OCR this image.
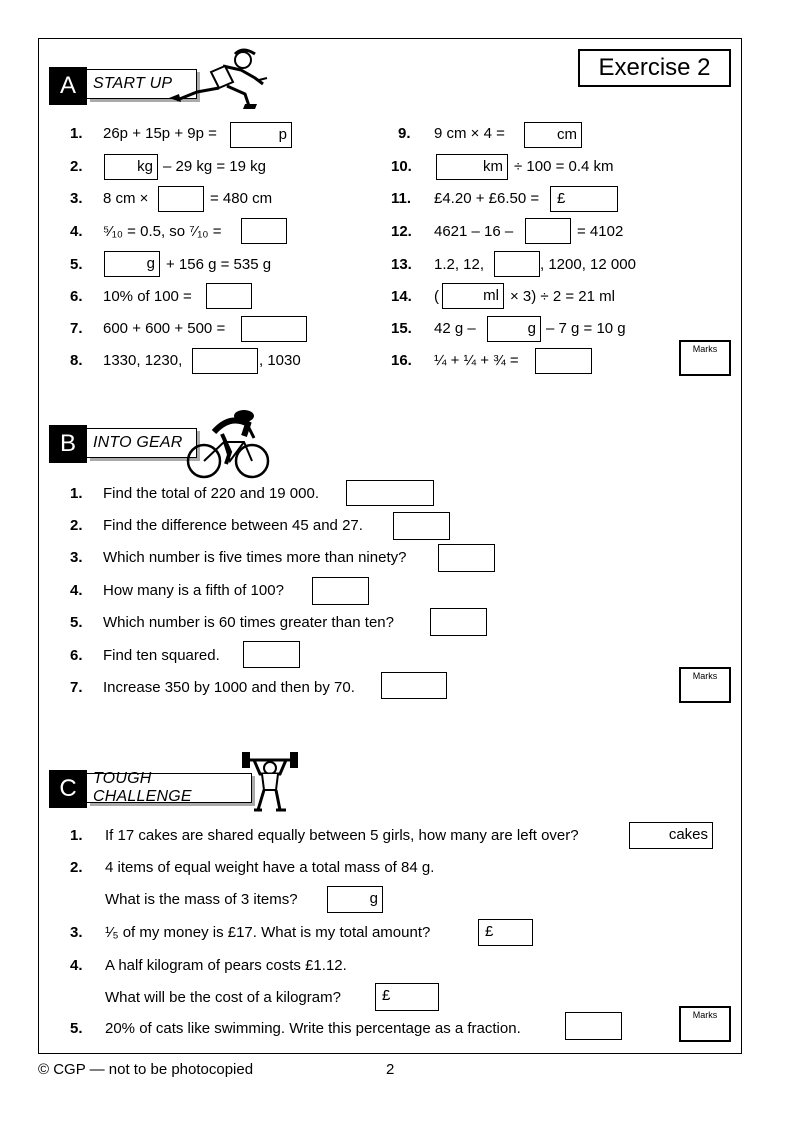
Exercise 2
START UP
A
1. 26p + 15p + 9p =	p
2.	kg – 29 kg = 19 kg
3. 8 cm ×	= 480 cm
4. ⁵⁄₁₀ = 0.5, so ⁷⁄₁₀ =
5.	g + 156 g = 535 g
6. 10% of 100 =
7. 600 + 600 + 500 =
8. 1330, 1230,	, 1030
9. 9 cm × 4 =	cm
10.	km ÷ 100 = 0.4 km
11. £4.20 + £6.50 =	£
12. 4621 – 16 –	= 4102
13. 1.2, 12,	, 1200, 12 000
14. (	ml × 3) ÷ 2 = 21 ml
15. 42 g –	g – 7 g = 10 g
16. ¼ + ¼ + ¾ =
Marks
INTO GEAR
B
1. Find the total of 220 and 19 000.
2. Find the difference between 45 and 27.
3. Which number is five times more than ninety?
4. How many is a fifth of 100?
5. Which number is 60 times greater than ten?
6. Find ten squared.
7. Increase 350 by 1000 and then by 70.
Marks
TOUGH CHALLENGE
C
1. If 17 cakes are shared equally between 5 girls, how many are left over?	cakes
2. 4 items of equal weight have a total mass of 84 g.
What is the mass of 3 items?	g
3. ¹⁄₅ of my money is £17. What is my total amount?	£
4. A half kilogram of pears costs £1.12.
What will be the cost of a kilogram?	£
5. 20% of cats like swimming. Write this percentage as a fraction.
Marks
© CGP — not to be photocopied	2
